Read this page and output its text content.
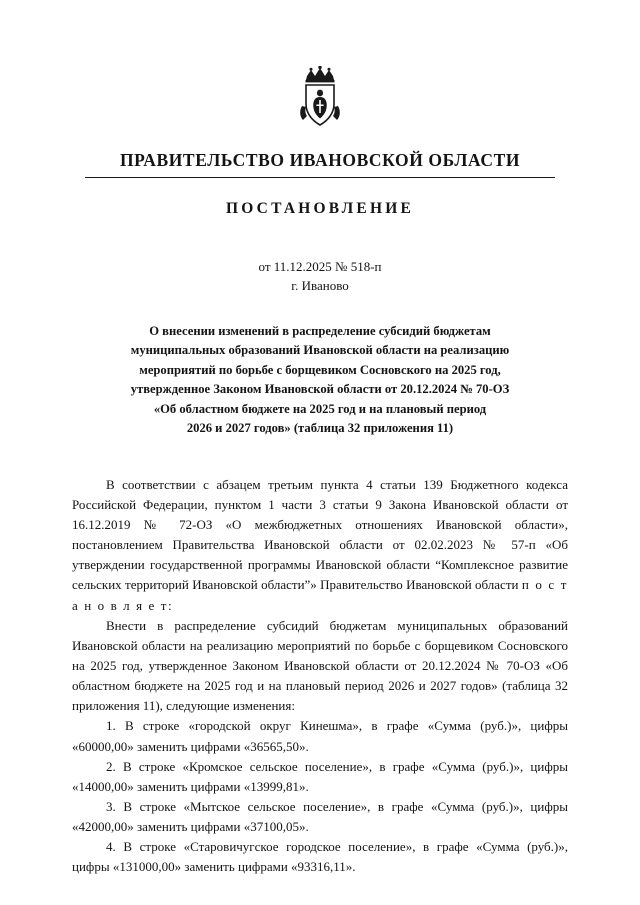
ПРАВИТЕЛЬСТВО ИВАНОВСКОЙ ОБЛАСТИ
ПОСТАНОВЛЕНИЕ

от 11.12.2025 № 518-п

г. Иваново

О внесении изменений в распределение субсидий бюджетам

муниципальных образований Ивановской области на реализацию

мероприятий по борьбе с борщевиком Сосновского на 2025 год,

утвержденное Законом Ивановской области от 20.12.2024 № 70-ОЗ

«Об областном бюджете на 2025 год и на плановый период

2026 и 2027 годов» (таблица 32 приложения 11)

В соответствии с абзацем третьим пункта 4 статьи 139 Бюджетного кодекса Российской Федерации, пунктом 1 части 3 статьи 9 Закона Ивановской области от 16.12.2019 № 72-ОЗ «О межбюджетных отношениях Ивановской области», постановлением Правительства Ивановской области от 02.02.2023 № 57-п «Об утверждении государственной программы Ивановской области “Комплексное развитие сельских территорий Ивановской области”» Правительство Ивановской области п о с т а н о в л я е т:

Внести в распределение субсидий бюджетам муниципальных образований Ивановской области на реализацию мероприятий по борьбе с борщевиком Сосновского на 2025 год, утвержденное Законом Ивановской области от 20.12.2024 № 70-ОЗ «Об областном бюджете на 2025 год и на плановый период 2026 и 2027 годов» (таблица 32 приложения 11), следующие изменения:

1. В строке «городской округ Кинешма», в графе «Сумма (руб.)», цифры «60000,00» заменить цифрами «36565,50».

2. В строке «Кромское сельское поселение», в графе «Сумма (руб.)», цифры «14000,00» заменить цифрами «13999,81».

3. В строке «Мытское сельское поселение», в графе «Сумма (руб.)», цифры «42000,00» заменить цифрами «37100,05».

4. В строке «Старовичугское городское поселение», в графе «Сумма (руб.)», цифры «131000,00» заменить цифрами «93316,11».
